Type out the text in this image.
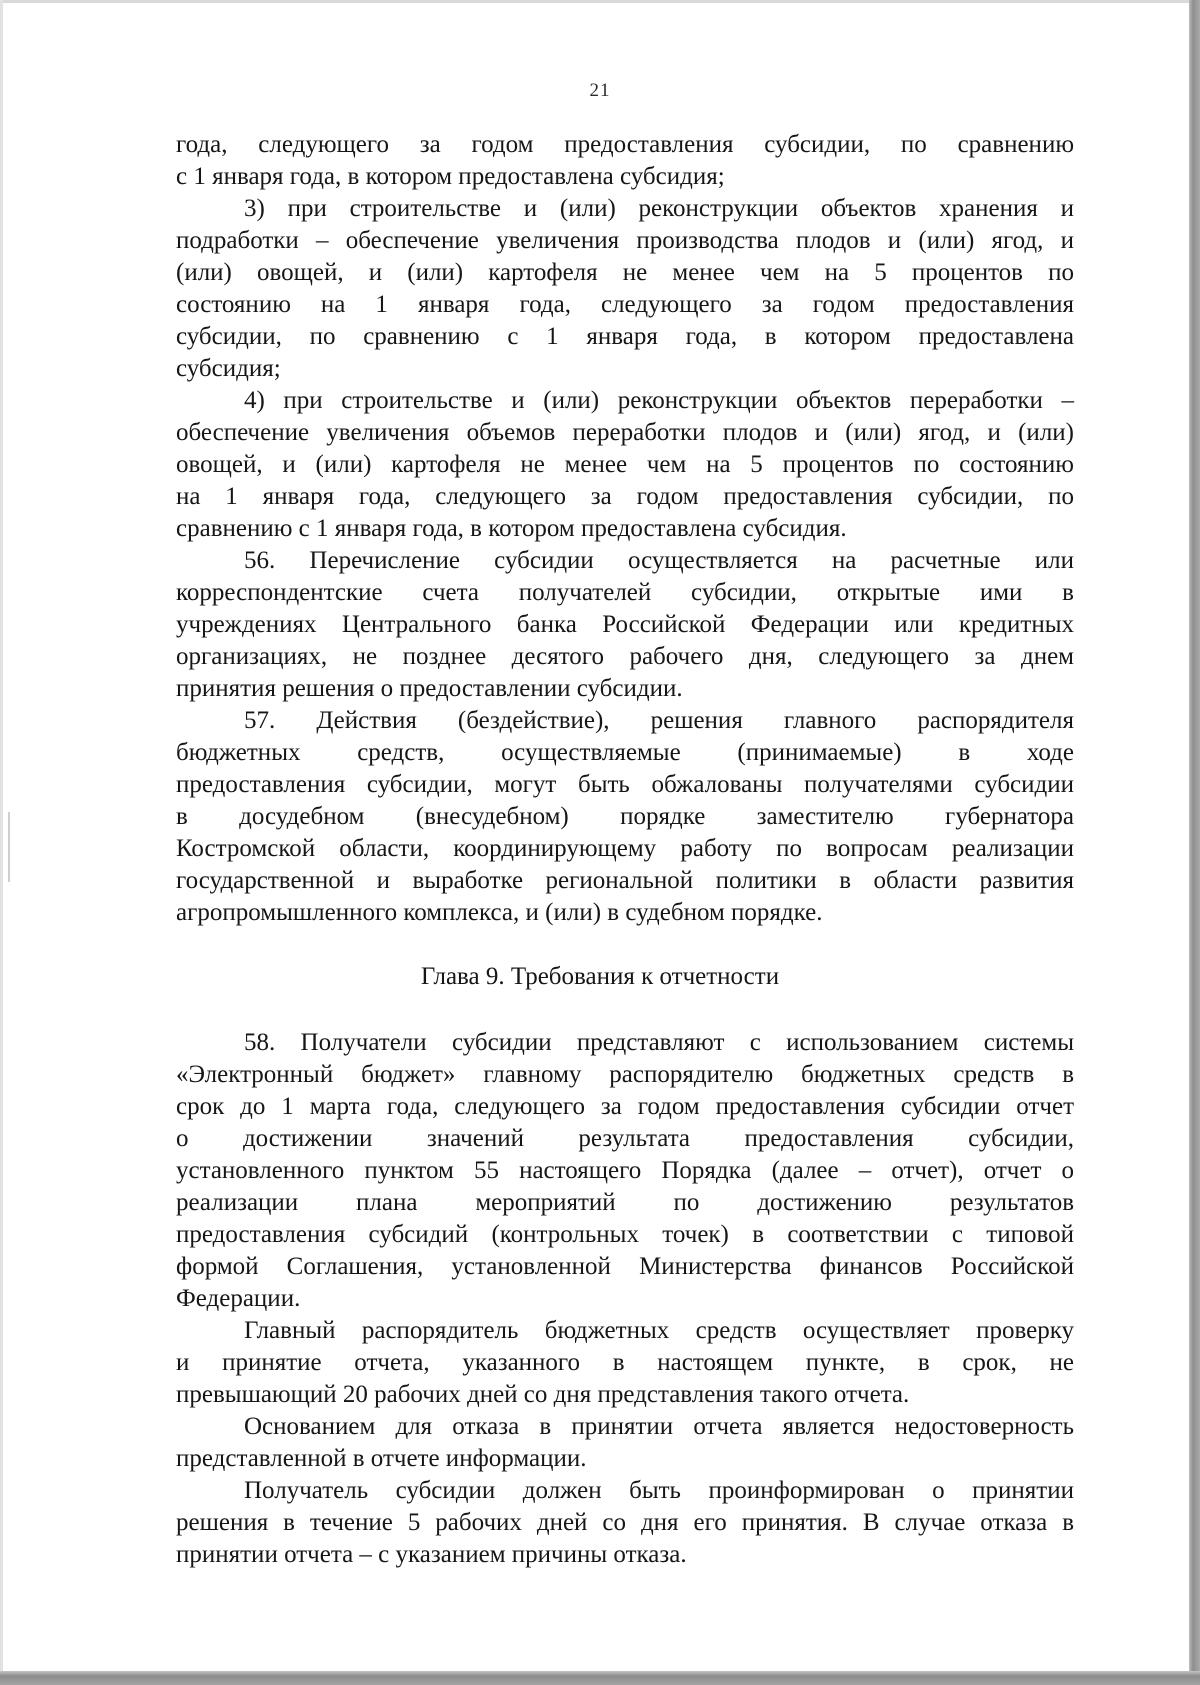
21
года, следующего за годом предоставления субсидии, по сравнению
с 1 января года, в котором предоставлена субсидия;
3) при строительстве и (или) реконструкции объектов хранения и
подработки – обеспечение увеличения производства плодов и (или) ягод, и
(или) овощей, и (или) картофеля не менее чем на 5 процентов по
состоянию на 1 января года, следующего за годом предоставления
субсидии, по сравнению с 1 января года, в котором предоставлена
субсидия;
4) при строительстве и (или) реконструкции объектов переработки –
обеспечение увеличения объемов переработки плодов и (или) ягод, и (или)
овощей, и (или) картофеля не менее чем на 5 процентов по состоянию
на 1 января года, следующего за годом предоставления субсидии, по
сравнению с 1 января года, в котором предоставлена субсидия.
56. Перечисление субсидии осуществляется на расчетные или
корреспондентские счета получателей субсидии, открытые ими в
учреждениях Центрального банка Российской Федерации или кредитных
организациях, не позднее десятого рабочего дня, следующего за днем
принятия решения о предоставлении субсидии.
57. Действия (бездействие), решения главного распорядителя
бюджетных средств, осуществляемые (принимаемые) в ходе
предоставления субсидии, могут быть обжалованы получателями субсидии
в досудебном (внесудебном) порядке заместителю губернатора
Костромской области, координирующему работу по вопросам реализации
государственной и выработке региональной политики в области развития
агропромышленного комплекса, и (или) в судебном порядке.
Глава 9. Требования к отчетности
58. Получатели субсидии представляют с использованием системы
«Электронный бюджет» главному распорядителю бюджетных средств в
срок до 1 марта года, следующего за годом предоставления субсидии отчет
о достижении значений результата предоставления субсидии,
установленного пунктом 55 настоящего Порядка (далее – отчет), отчет о
реализации плана мероприятий по достижению результатов
предоставления субсидий (контрольных точек) в соответствии с типовой
формой Соглашения, установленной Министерства финансов Российской
Федерации.
Главный распорядитель бюджетных средств осуществляет проверку
и принятие отчета, указанного в настоящем пункте, в срок, не
превышающий 20 рабочих дней со дня представления такого отчета.
Основанием для отказа в принятии отчета является недостоверность
представленной в отчете информации.
Получатель субсидии должен быть проинформирован о принятии
решения в течение 5 рабочих дней со дня его принятия. В случае отказа в
принятии отчета – с указанием причины отказа.
